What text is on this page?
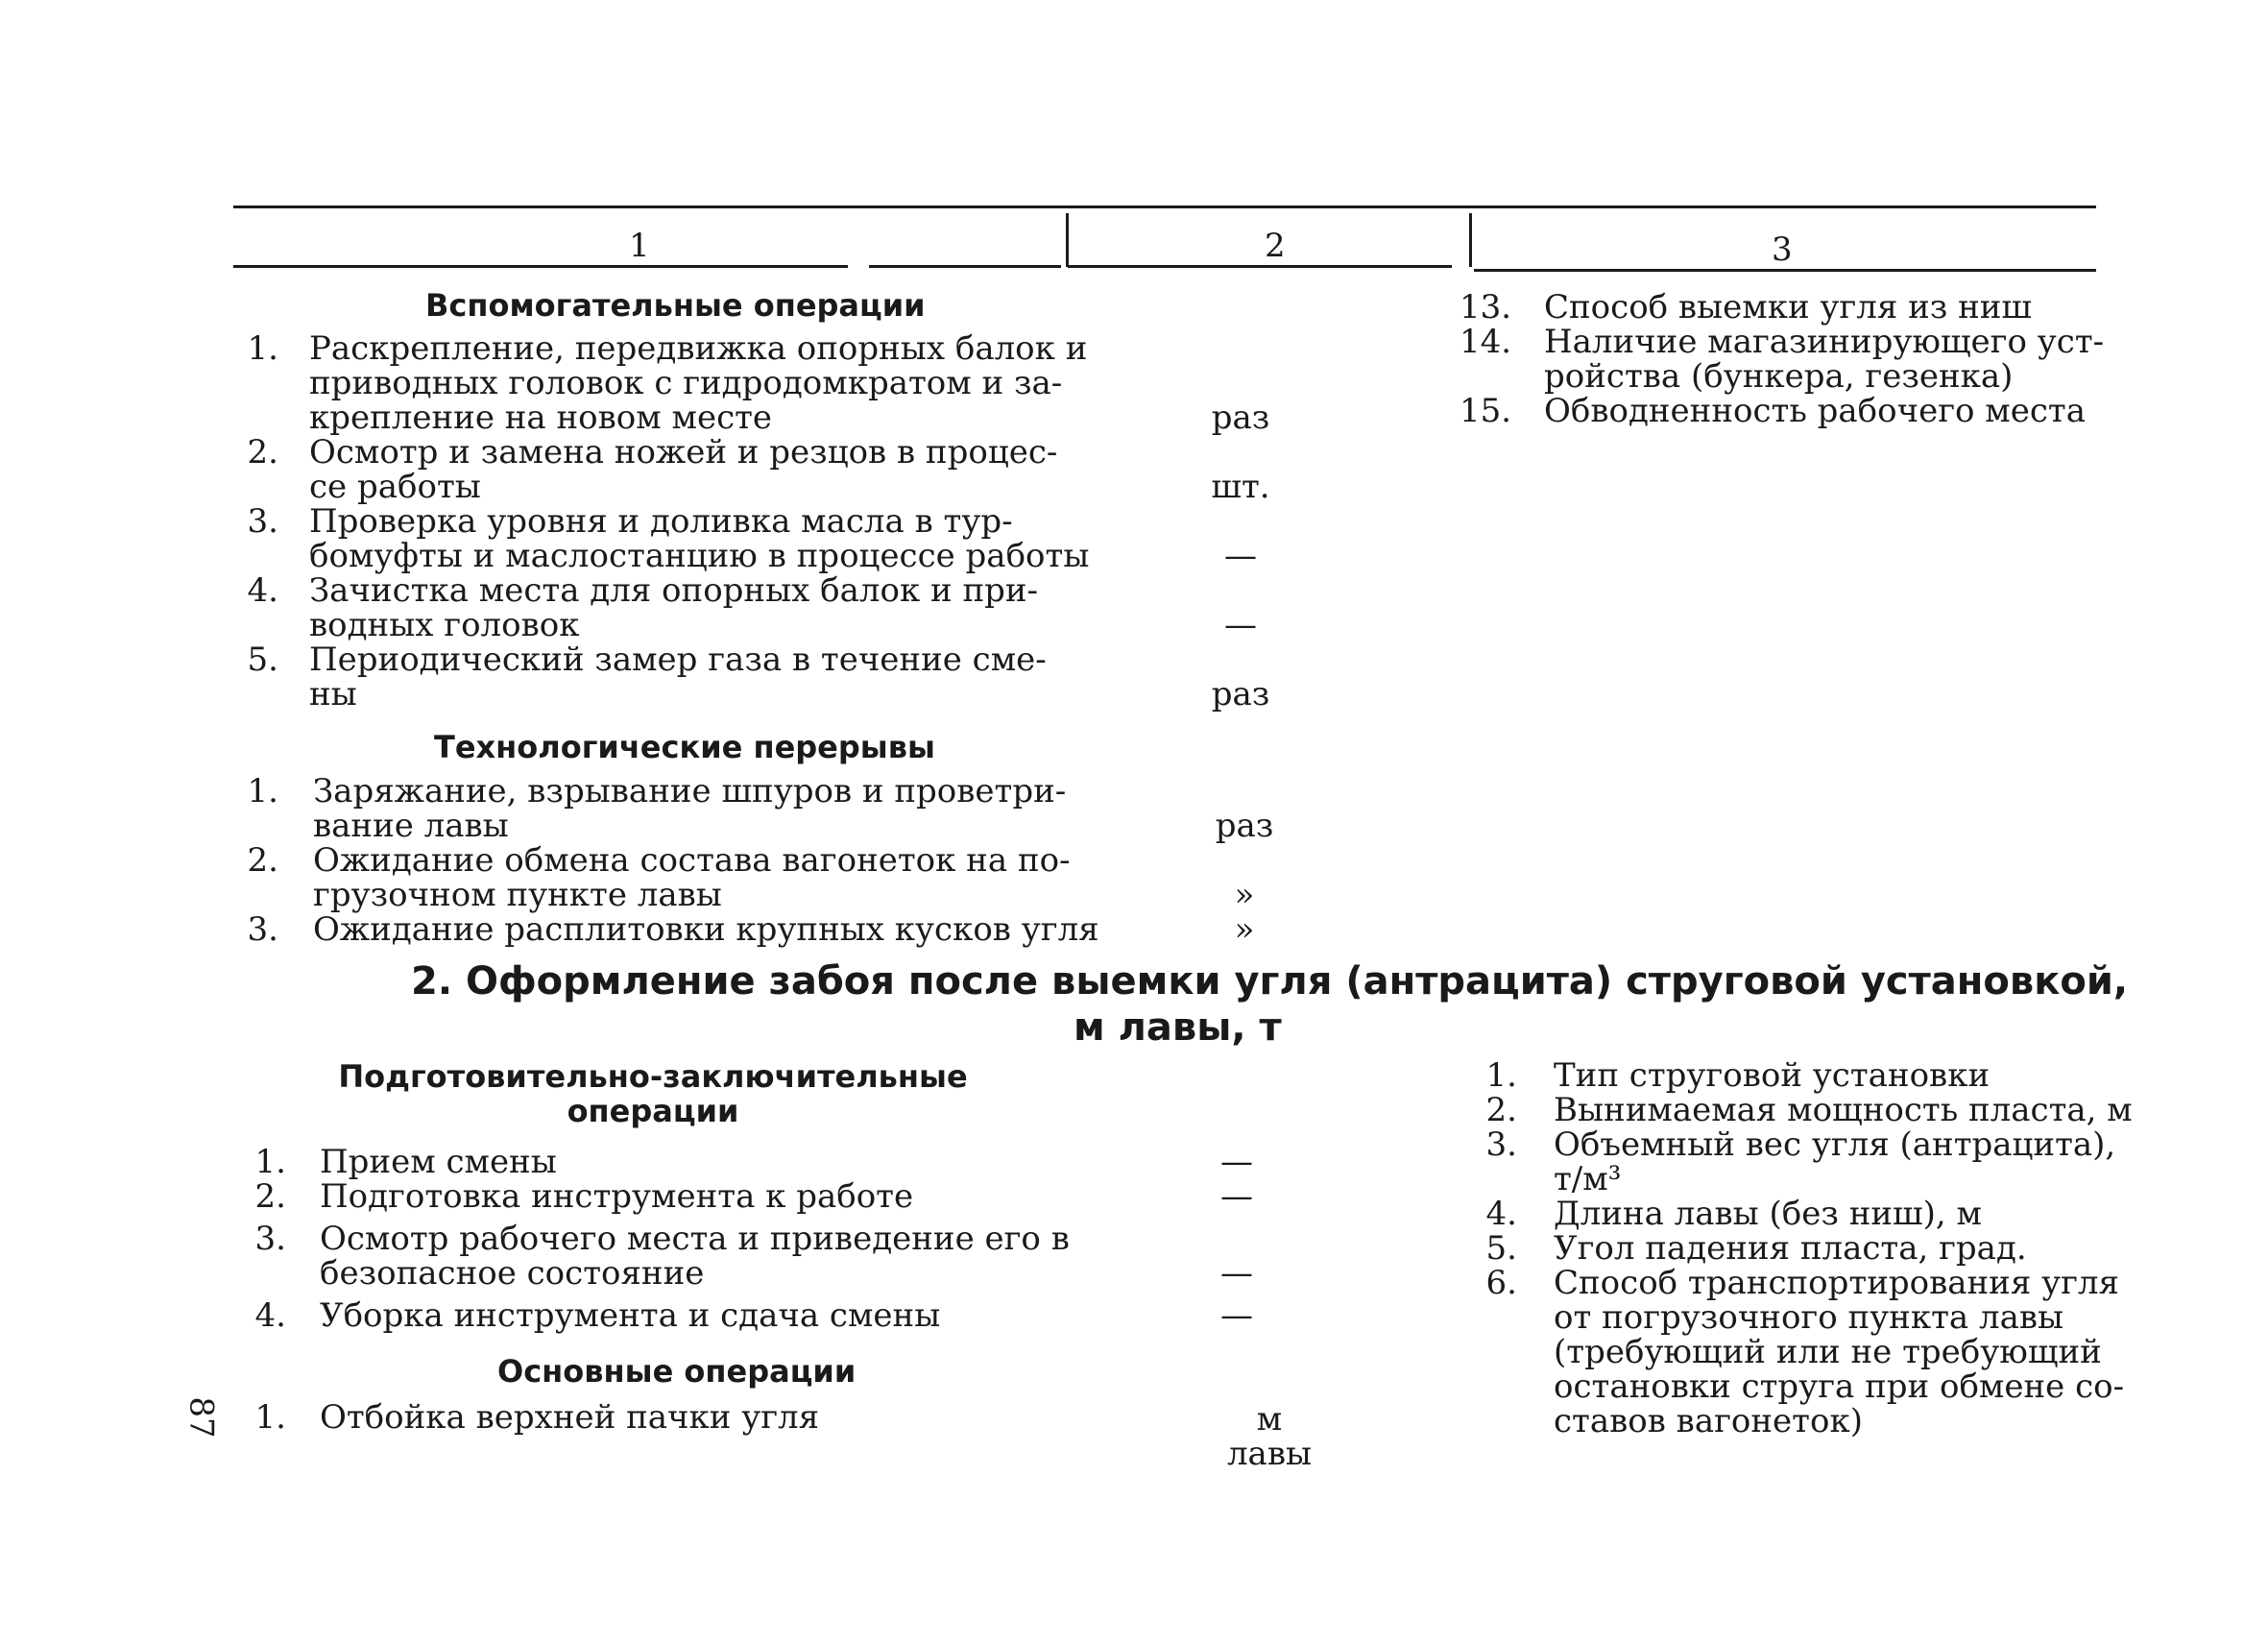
1	2	3
Вспомогательные операции
1. Раскрепление, передвижка опорных балок и
приводных головок с гидродомкратом и за-
крепление на новом месте	раз
2. Осмотр и замена ножей и резцов в процес-
се работы	шт.
3. Проверка уровня и доливка масла в тур-
бомуфты и маслостанцию в процессе работы	—
4. Зачистка места для опорных балок и при-
водных головок	—
5. Периодический замер газа в течение сме-
ны	раз
Технологические перерывы
1. Заряжание, взрывание шпуров и проветри-
вание лавы	раз
2. Ожидание обмена состава вагонеток на по-
грузочном пункте лавы	»
3. Ожидание расплитовки крупных кусков угля	»
13. Способ выемки угля из ниш
14. Наличие магазинирующего уст-
ройства (бункера, гезенка)
15. Обводненность рабочего места
2. Оформление забоя после выемки угля (антрацита) струговой установкой,
м лавы, т
Подготовительно-заключительные
операции
1. Прием смены	—
2. Подготовка инструмента к работе	—
3. Осмотр рабочего места и приведение его в
безопасное состояние	—
4. Уборка инструмента и сдача смены	—
Основные операции
1. Отбойка верхней пачки угля	м лавы
1. Тип струговой установки
2. Вынимаемая мощность пласта, м
3. Объемный вес угля (антрацита),
т/м³
4. Длина лавы (без ниш), м
5. Угол падения пласта, град.
6. Способ транспортирования угля
от погрузочного пункта лавы
(требующий или не требующий
остановки струга при обмене со-
ставов вагонеток)
87
